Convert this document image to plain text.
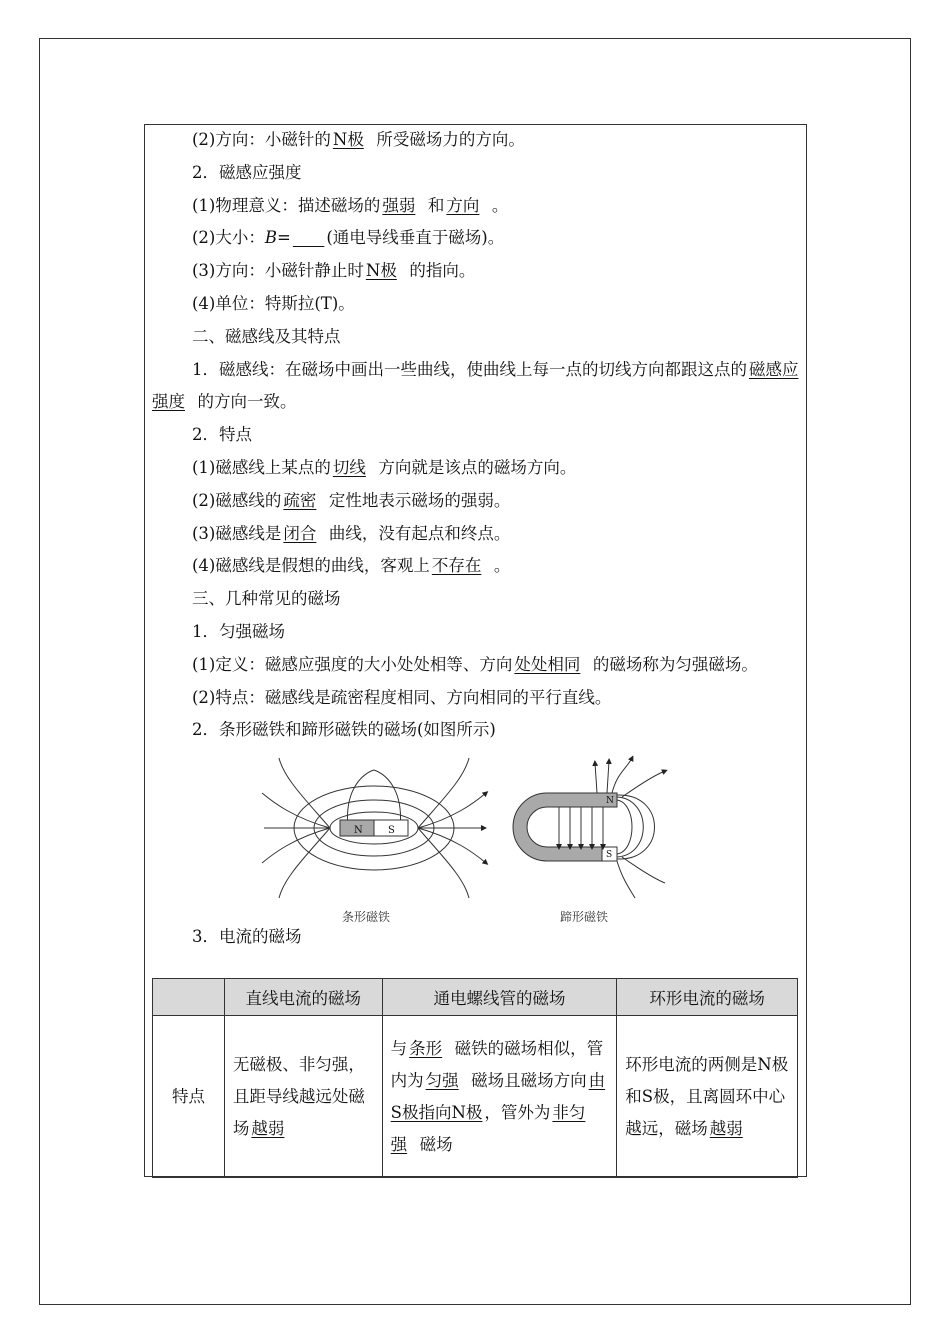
(2)方向：小磁针的 N极 所受磁场力的方向。
2．磁感应强度
(1)物理意义：描述磁场的 强弱 和 方向 。
(2)大小：B= (通电导线垂直于磁场)。
(3)方向：小磁针静止时 N极 的指向。
(4)单位：特斯拉(T)。
二、磁感线及其特点
1．磁感线：在磁场中画出一些曲线，使曲线上每一点的切线方向都跟这点的 磁感应强度 的方向一致。
2．特点
(1)磁感线上某点的 切线 方向就是该点的磁场方向。
(2)磁感线的 疏密 定性地表示磁场的强弱。
(3)磁感线是 闭合 曲线，没有起点和终点。
(4)磁感线是假想的曲线，客观上 不存在 。
三、几种常见的磁场
1．匀强磁场
(1)定义：磁感应强度的大小处处相等、方向 处处相同 的磁场称为匀强磁场。
(2)特点：磁感线是疏密程度相同、方向相同的平行直线。
2．条形磁铁和蹄形磁铁的磁场(如图所示)
N	S
N
S
条形磁铁	蹄形磁铁
3．电流的磁场
	直线电流的磁场	通电螺线管的磁场	环形电流的磁场
特点	无磁极、非匀强，且距导线越远处磁场 越弱	与 条形 磁铁的磁场相似，管内为 匀强 磁场且磁场方向 由S极指向N极 ，管外为 非匀强 磁场	环形电流的两侧是N极和S极，且离圆环中心越远，磁场 越弱
